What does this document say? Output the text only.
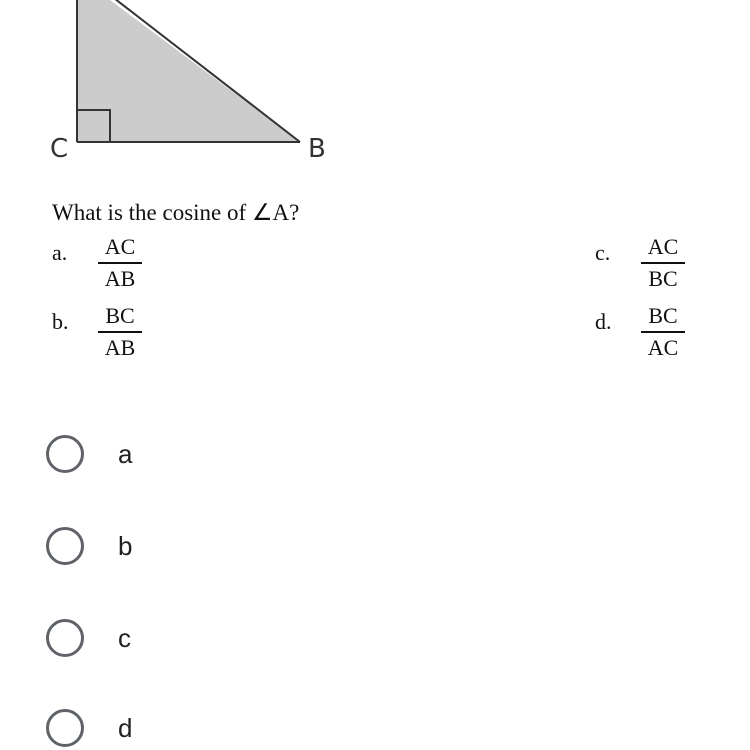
C	B
What is the cosine of ∠A?
a. $\frac{AC}{AB}$
b. $\frac{BC}{AB}$
c. $\frac{AC}{BC}$
d. $\frac{BC}{AC}$
a
b
c
d
